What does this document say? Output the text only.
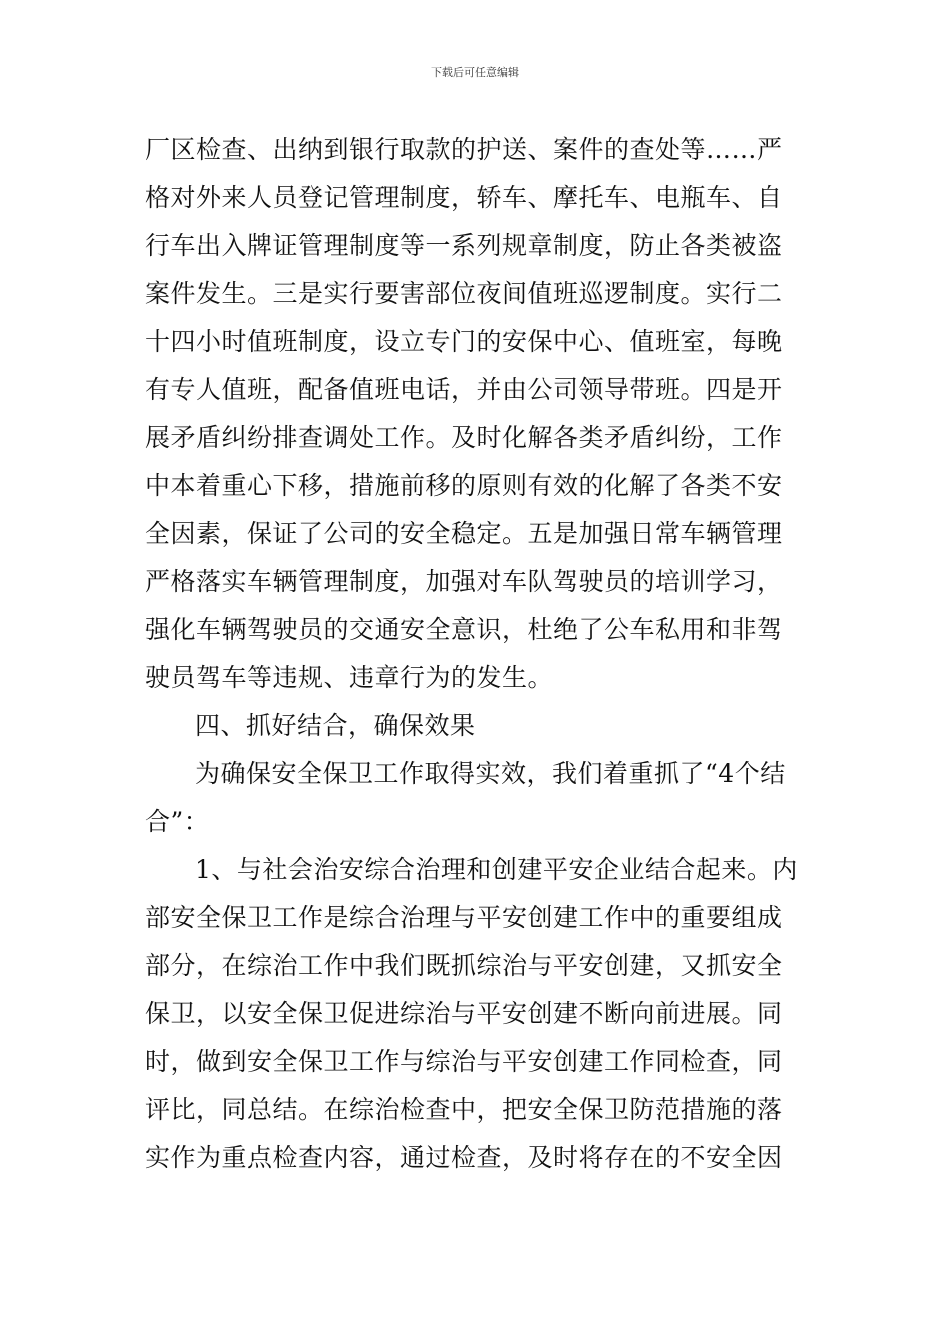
下载后可任意编辑
厂区检查、出纳到银行取款的护送、案件的查处等……严
格对外来人员登记管理制度，轿车、摩托车、电瓶车、自
行车出入牌证管理制度等一系列规章制度，防止各类被盗
案件发生。三是实行要害部位夜间值班巡逻制度。实行二
十四小时值班制度，设立专门的安保中心、值班室，每晚
有专人值班，配备值班电话，并由公司领导带班。四是开
展矛盾纠纷排查调处工作。及时化解各类矛盾纠纷，工作
中本着重心下移，措施前移的原则有效的化解了各类不安
全因素，保证了公司的安全稳定。五是加强日常车辆管理
严格落实车辆管理制度，加强对车队驾驶员的培训学习，
强化车辆驾驶员的交通安全意识，杜绝了公车私用和非驾
驶员驾车等违规、违章行为的发生。
四、抓好结合，确保效果
为确保安全保卫工作取得实效，我们着重抓了“4个结
合”：
1、与社会治安综合治理和创建平安企业结合起来。内
部安全保卫工作是综合治理与平安创建工作中的重要组成
部分，在综治工作中我们既抓综治与平安创建，又抓安全
保卫，以安全保卫促进综治与平安创建不断向前进展。同
时，做到安全保卫工作与综治与平安创建工作同检查，同
评比，同总结。在综治检查中，把安全保卫防范措施的落
实作为重点检查内容，通过检查，及时将存在的不安全因
